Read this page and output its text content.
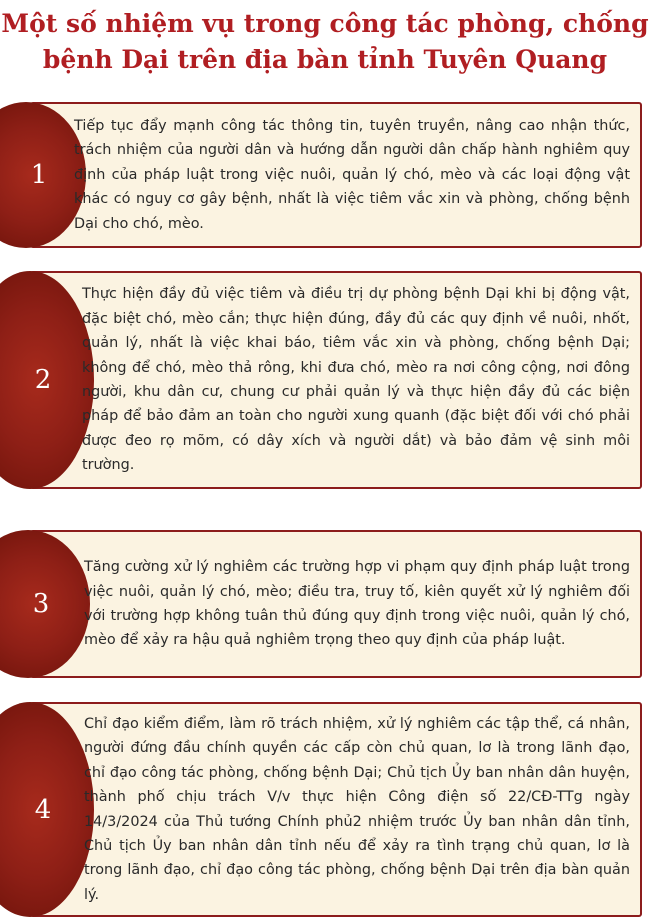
Một số nhiệm vụ trong công tác phòng, chống
bệnh Dại trên địa bàn tỉnh Tuyên Quang
1

Tiếp tục đẩy mạnh công tác thông tin, tuyên truyền, nâng cao nhận thức, trách nhiệm của người dân và hướng dẫn người dân chấp hành nghiêm quy định của pháp luật trong việc nuôi, quản lý chó, mèo và các loại động vật khác có nguy cơ gây bệnh, nhất là việc tiêm vắc xin và phòng, chống bệnh Dại cho chó, mèo.

2

Thực hiện đầy đủ việc tiêm và điều trị dự phòng bệnh Dại khi bị động vật, đặc biệt chó, mèo cắn; thực hiện đúng, đầy đủ các quy định về nuôi, nhốt, quản lý, nhất là việc khai báo, tiêm vắc xin và phòng, chống bệnh Dại; không để chó, mèo thả rông, khi đưa chó, mèo ra nơi công cộng, nơi đông người, khu dân cư, chung cư phải quản lý và thực hiện đầy đủ các biện pháp để bảo đảm an toàn cho người xung quanh (đặc biệt đối với chó phải được đeo rọ mõm, có dây xích và người dắt) và bảo đảm vệ sinh môi trường.

3

Tăng cường xử lý nghiêm các trường hợp vi phạm quy định pháp luật trong việc nuôi, quản lý chó, mèo; điều tra, truy tố, kiên quyết xử lý nghiêm đối với trường hợp không tuân thủ đúng quy định trong việc nuôi, quản lý chó, mèo để xảy ra hậu quả nghiêm trọng theo quy định của pháp luật.

4

Chỉ đạo kiểm điểm, làm rõ trách nhiệm, xử lý nghiêm các tập thể, cá nhân, người đứng đầu chính quyền các cấp còn chủ quan, lơ là trong lãnh đạo, chỉ đạo công tác phòng, chống bệnh Dại; Chủ tịch Ủy ban nhân dân huyện, thành phố chịu trách V/v thực hiện Công điện số 22/CĐ-TTg ngày 14/3/2024 của Thủ tướng Chính phủ2 nhiệm trước Ủy ban nhân dân tỉnh, Chủ tịch Ủy ban nhân dân tỉnh nếu để xảy ra tình trạng chủ quan, lơ là trong lãnh đạo, chỉ đạo công tác phòng, chống bệnh Dại trên địa bàn quản lý.
